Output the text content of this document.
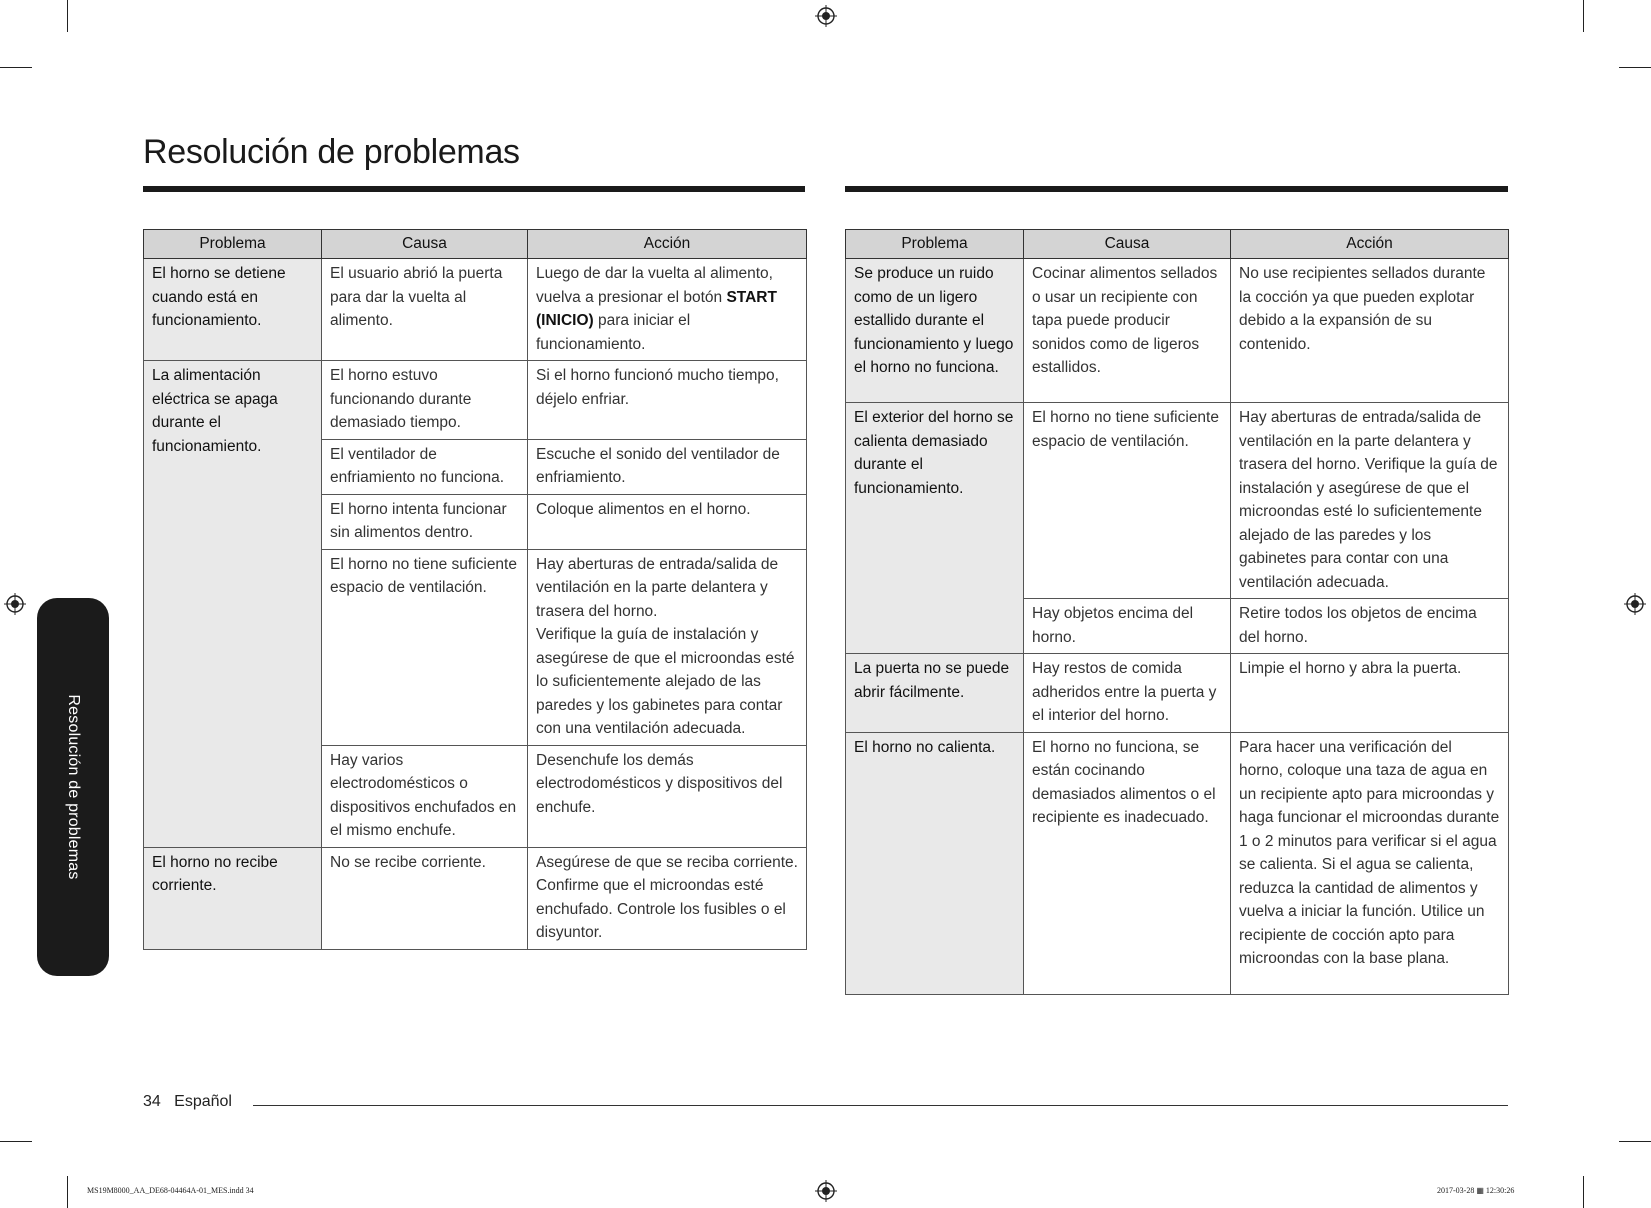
Resolución de problemas
Resolución de problemas
Problema	Causa	Acción
El horno se detiene cuando está en funcionamiento.	El usuario abrió la puerta para dar la vuelta al alimento.	Luego de dar la vuelta al alimento, vuelva a presionar el botón START (INICIO) para iniciar el funcionamiento.
La alimentación eléctrica se apaga durante el funcionamiento.	El horno estuvo funcionando durante demasiado tiempo.	Si el horno funcionó mucho tiempo, déjelo enfriar.
	El ventilador de enfriamiento no funciona.	Escuche el sonido del ventilador de enfriamiento.
	El horno intenta funcionar sin alimentos dentro.	Coloque alimentos en el horno.
	El horno no tiene suficiente espacio de ventilación.	Hay aberturas de entrada/salida de ventilación en la parte delantera y trasera del horno.
Verifique la guía de instalación y asegúrese de que el microondas esté lo suficientemente alejado de las paredes y los gabinetes para contar con una ventilación adecuada.

	Hay varios electrodomésticos o dispositivos enchufados en el mismo enchufe.	Desenchufe los demás electrodomésticos y dispositivos del enchufe.
El horno no recibe corriente.	No se recibe corriente.	Asegúrese de que se reciba corriente. Confirme que el microondas esté enchufado. Controle los fusibles o el disyuntor.
Problema	Causa	Acción
Se produce un ruido como de un ligero estallido durante el funcionamiento y luego el horno no funciona.	Cocinar alimentos sellados o usar un recipiente con tapa puede producir sonidos como de ligeros estallidos.	No use recipientes sellados durante la cocción ya que pueden explotar debido a la expansión de su contenido.
El exterior del horno se calienta demasiado durante el funcionamiento.	El horno no tiene suficiente espacio de ventilación.	Hay aberturas de entrada/salida de ventilación en la parte delantera y trasera del horno. Verifique la guía de instalación y asegúrese de que el microondas esté lo suficientemente alejado de las paredes y los gabinetes para contar con una ventilación adecuada.
	Hay objetos encima del horno.	Retire todos los objetos de encima del horno.
La puerta no se puede abrir fácilmente.	Hay restos de comida adheridos entre la puerta y el interior del horno.	Limpie el horno y abra la puerta.
El horno no calienta.	El horno no funciona, se están cocinando demasiados alimentos o el recipiente es inadecuado.	Para hacer una verificación del horno, coloque una taza de agua en un recipiente apto para microondas y haga funcionar el microondas durante 1 o 2 minutos para verificar si el agua se calienta. Si el agua se calienta, reduzca la cantidad de alimentos y vuelva a iniciar la función. Utilice un recipiente de cocción apto para microondas con la base plana.
34 Español
MS19M8000_AA_DE68-04464A-01_MES.indd 34	2017-03-28 ▦ 12:30:26
